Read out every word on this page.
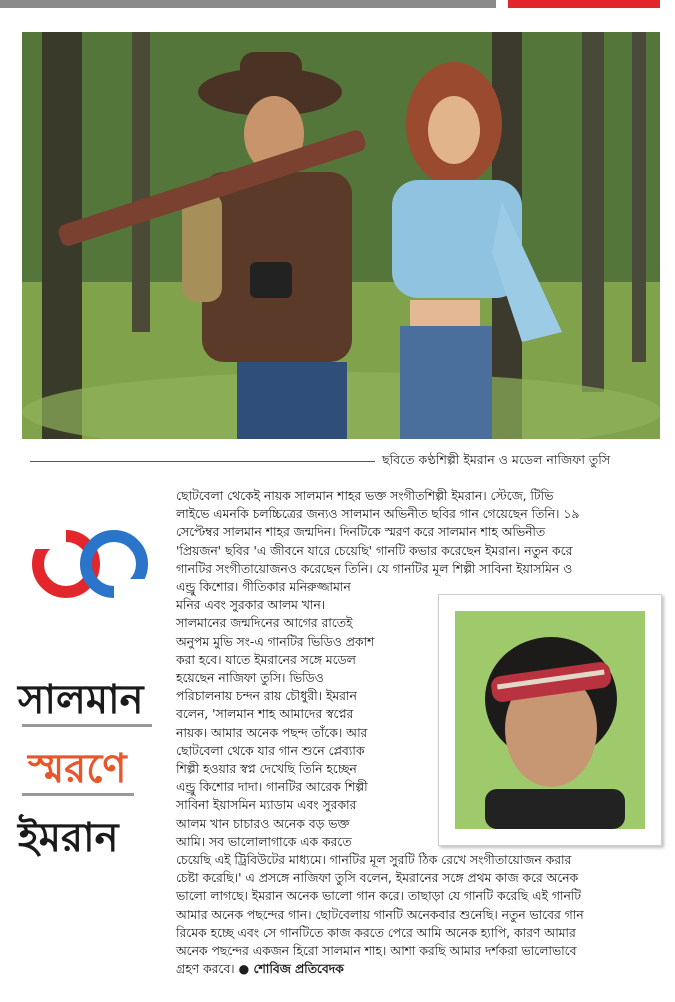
ছবিতে কণ্ঠশিল্পী ইমরান ও মডেল নাজিফা তুসি
সালমান
স্মরণে
ইমরান
ছোটবেলা থেকেই নায়ক সালমান শাহর ভক্ত সংগীতশিল্পী ইমরান। স্টেজে, টিভি
লাইভে এমনকি চলচ্চিত্রের জন্যও সালমান অভিনীত ছবির গান গেয়েছেন তিনি। ১৯
সেপ্টেম্বর সালমান শাহর জন্মদিন। দিনটিকে স্মরণ করে সালমান শাহ অভিনীত
'প্রিয়জন' ছবির 'এ জীবনে যারে চেয়েছি' গানটি কভার করেছেন ইমরান। নতুন করে
গানটির সংগীতায়োজনও করেছেন তিনি। যে গানটির মূল শিল্পী সাবিনা ইয়াসমিন ও
এন্ড্রু কিশোর। গীতিকার মনিরুজ্জামান
মনির এবং সুরকার আলম খান।
সালমানের জন্মদিনের আগের রাতেই
অনুপম মুভি সং-এ গানটির ভিডিও প্রকাশ
করা হবে। যাতে ইমরানের সঙ্গে মডেল
হয়েছেন নাজিফা তুসি। ভিডিও
পরিচালনায় চন্দন রায় চৌধুরী। ইমরান
বলেন, 'সালমান শাহ আমাদের স্বপ্নের
নায়ক। আমার অনেক পছন্দ তাঁকে। আর
ছোটবেলা থেকে যার গান শুনে প্লেব্যাক
শিল্পী হওয়ার স্বপ্ন দেখেছি তিনি হচ্ছেন
এন্ড্রু কিশোর দাদা। গানটির আরেক শিল্পী
সাবিনা ইয়াসমিন ম্যাডাম এবং সুরকার
আলম খান চাচারও অনেক বড় ভক্ত
আমি। সব ভালোলাগাকে এক করতে
চেয়েছি এই ট্রিবিউটের মাধ্যমে। গানটির মূল সুরটি ঠিক রেখে সংগীতায়োজন করার
চেষ্টা করেছি।' এ প্রসঙ্গে নাজিফা তুসি বলেন, ইমরানের সঙ্গে প্রথম কাজ করে অনেক
ভালো লাগছে। ইমরান অনেক ভালো গান করে। তাছাড়া যে গানটি করেছি এই গানটি
আমার অনেক পছন্দের গান। ছোটবেলায় গানটি অনেকবার শুনেছি। নতুন ভাবের গান
রিমেক হচ্ছে এবং সে গানটিতে কাজ করতে পেরে আমি অনেক হ্যাপি, কারণ আমার
অনেক পছন্দের একজন হিরো সালমান শাহ। আশা করছি আমার দর্শকরা ভালোভাবে
গ্রহণ করবে। ● শোবিজ প্রতিবেদক
